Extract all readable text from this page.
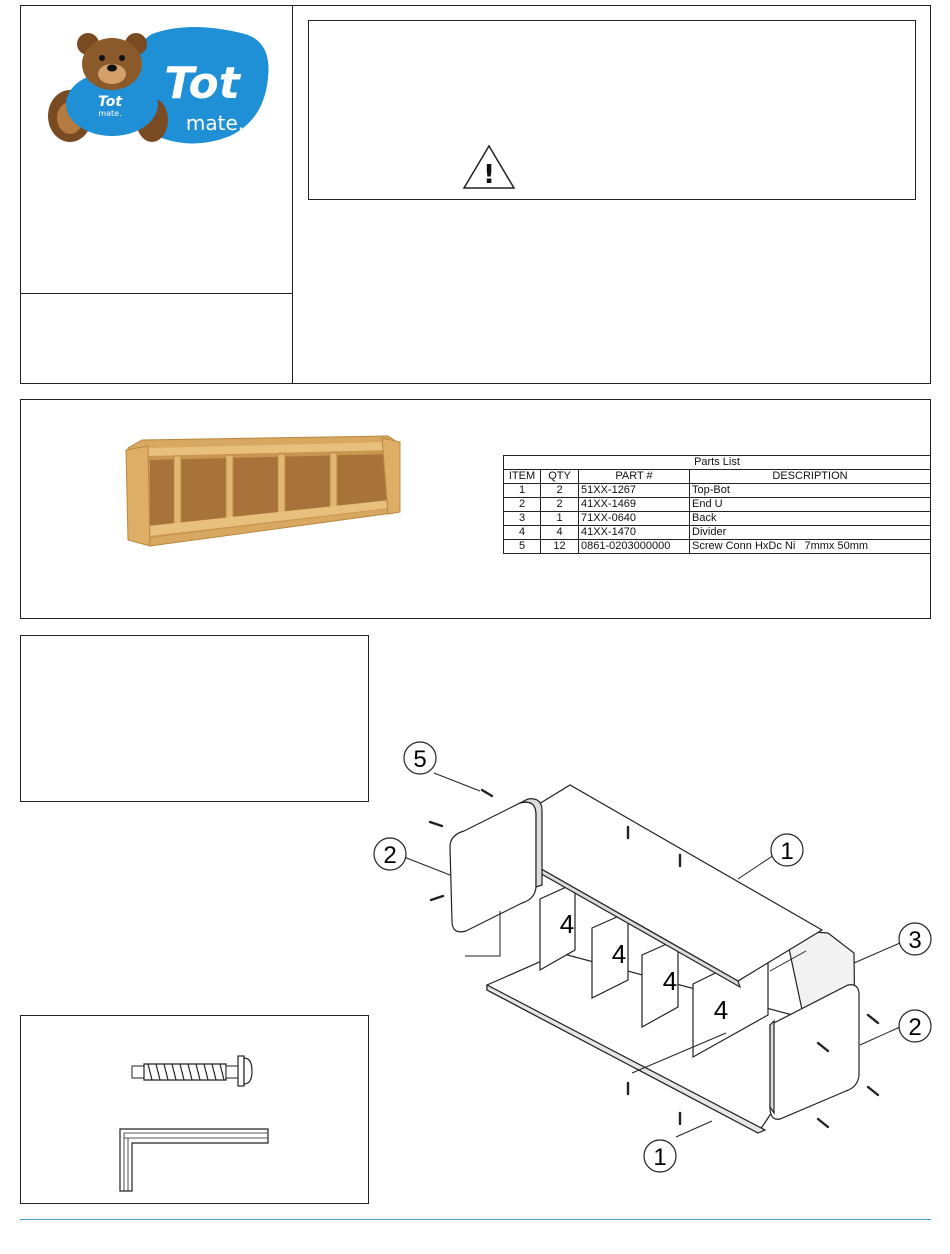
Tot
mate.
Tot
mate.
!
Parts List			
ITEM	QTY	PART #	DESCRIPTION
1	2	51XX-1267	Top-Bot
2	2	41XX-1469	End U
3	1	71XX-0640	Back
4	4	41XX-1470	Divider
5	12	0861-0203000000	Screw Conn HxDc Ni   7mmx 50mm
5
2	1
3
2
1
4
4
4
4
